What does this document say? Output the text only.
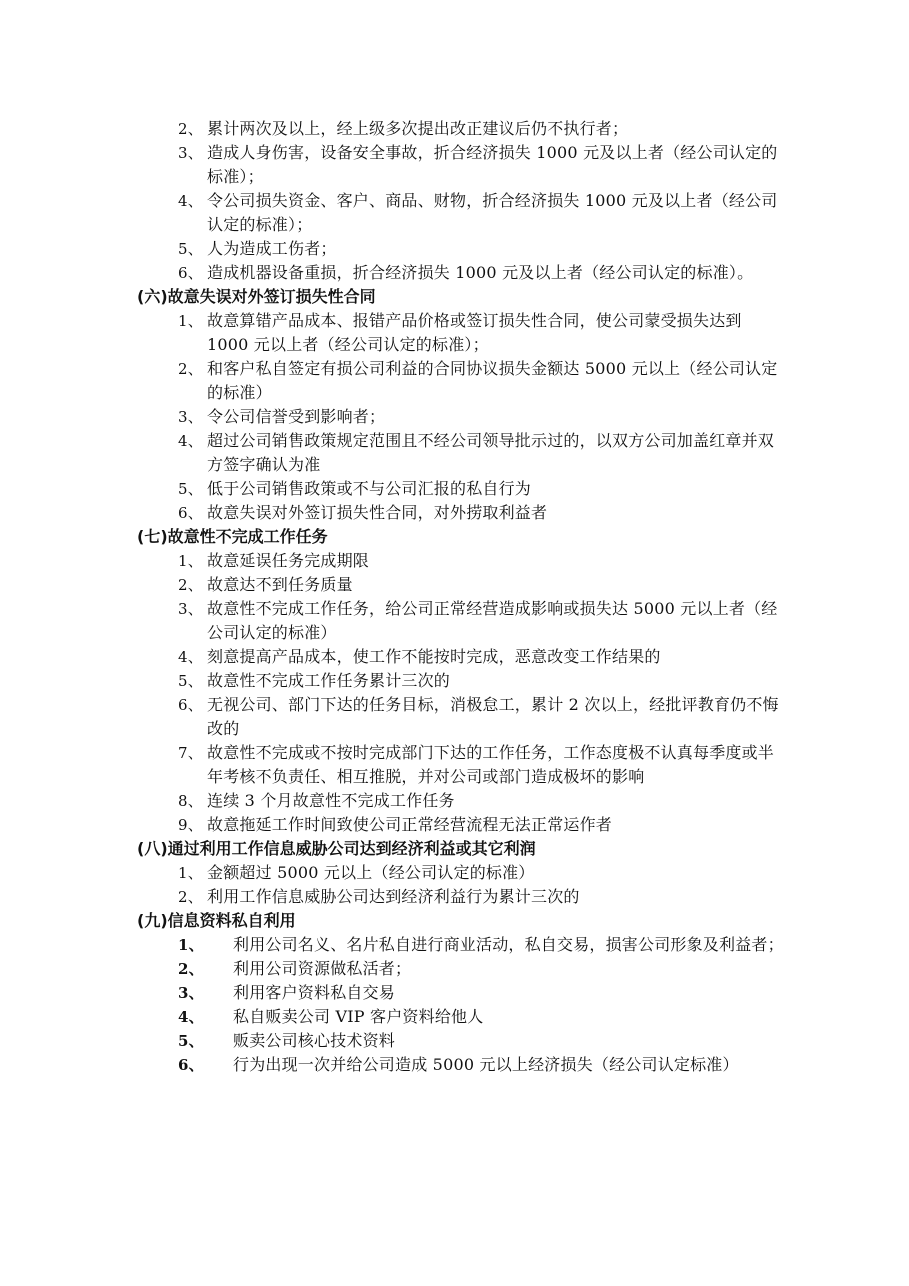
2、 累计两次及以上，经上级多次提出改正建议后仍不执行者；

3、 造成人身伤害，设备安全事故，折合经济损失 1000 元及以上者（经公司认定的标准）；

4、 令公司损失资金、客户、商品、财物，折合经济损失 1000 元及以上者（经公司认定的标准）；

5、 人为造成工伤者；

6、 造成机器设备重损，折合经济损失 1000 元及以上者（经公司认定的标准）。

(六)故意失误对外签订损失性合同

1、 故意算错产品成本、报错产品价格或签订损失性合同，使公司蒙受损失达到 1000 元以上者（经公司认定的标准）；

2、 和客户私自签定有损公司利益的合同协议损失金额达 5000 元以上（经公司认定的标准）

3、 令公司信誉受到影响者；

4、 超过公司销售政策规定范围且不经公司领导批示过的，以双方公司加盖红章并双方签字确认为准

5、 低于公司销售政策或不与公司汇报的私自行为

6、 故意失误对外签订损失性合同，对外捞取利益者

(七)故意性不完成工作任务

1、 故意延误任务完成期限

2、 故意达不到任务质量

3、 故意性不完成工作任务，给公司正常经营造成影响或损失达 5000 元以上者（经公司认定的标准）

4、 刻意提高产品成本，使工作不能按时完成，恶意改变工作结果的

5、 故意性不完成工作任务累计三次的

6、 无视公司、部门下达的任务目标，消极怠工，累计 2 次以上，经批评教育仍不悔改的

7、 故意性不完成或不按时完成部门下达的工作任务，工作态度极不认真每季度或半年考核不负责任、相互推脱，并对公司或部门造成极坏的影响

8、 连续 3 个月故意性不完成工作任务

9、 故意拖延工作时间致使公司正常经营流程无法正常运作者

(八)通过利用工作信息威胁公司达到经济利益或其它利润

1、 金额超过 5000 元以上（经公司认定的标准）

2、 利用工作信息威胁公司达到经济利益行为累计三次的

(九)信息资料私自利用

1、	利用公司名义、名片私自进行商业活动，私自交易，损害公司形象及利益者；

2、	利用公司资源做私活者；

3、	利用客户资料私自交易

4、	私自贩卖公司 VIP 客户资料给他人

5、	贩卖公司核心技术资料

6、	行为出现一次并给公司造成 5000 元以上经济损失（经公司认定标准）
